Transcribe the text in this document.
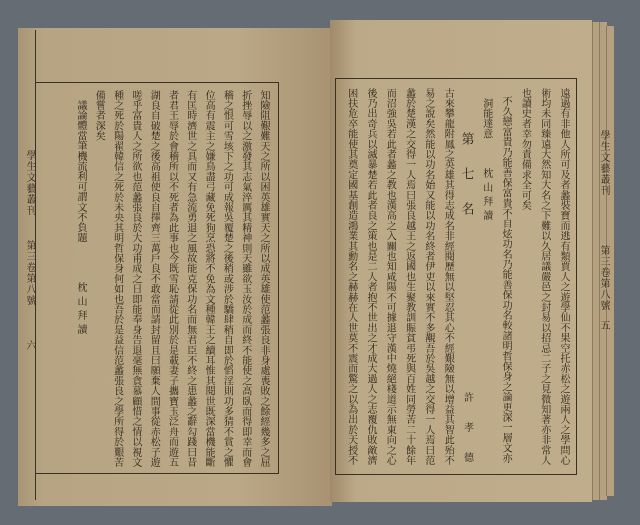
學生文藝叢刊
第三卷第八號
六
學生文藝叢刊
第三卷第八號
五
遠過有非他人所可及者蠡裝寶而逃有類賈人之遊學仙不果空托赤松之遊兩人之學問心
術均未同臻遠大然知大名之下難以久居議嚴邑之封易以招忌二子之見微知著亦非常人
也讀史者幸勿責備求全可矣
不久戀富貴乃能善保富貴不自炫功名乃能善保功名較諸明哲保身之論更深一層文亦
洞能達意
枕山拜讀
第七名
許孝德
古來攀龍附鳳之英雄其得志成名非經閱歷無以堅忍其心不經艱險無以增益其智此殆不
易之說矣然能以功名始又能以功名終者伊吏以來實不多覯吾於吳越之交得一人焉曰范
蠡於楚漢之交得一人焉曰張良越王之返國也生聚教訓賑貧弔死與百姓同勞苦二十餘年
而沼強吳若此者蠡之教也漢高之入關也知咸陽不可據退守漢中燒絕棧道示無東向之心
後乃出奇兵以滅暴楚若此者良之策也是二人者抱不世出之才成大過人之志覆仇敗敵濟
困扶危卒能使其奠定國基創造鴻業其勳名之赫赫在人世莫不震而驚之以為出於天授不
知險阻艱難天之所以困英雄實天之所以成英雄使范蠡張良非身處喪敗之餘經幾多之屈
折挫辱以之激發其志氣淬厲其精神則天雖欲玉汝於成而終不能使之高臥而得即幸而會
稽之恨可雪垓下之功可成報吳覆楚之後稍或涉於驕肆稍自即於慆淫則功多猜不賞之懼
位高有震主之嫌鳥盡弓藏免死狗烹恐將不免為文種韓王之續耳惟其閱世既深當機能斷
有匡時濟世之具而又有急流勇退之風故能克保功名而無君臣不終之患蠡之辭勾踐曰昔
者君王辱於會稽所以不死者為此事也今既雪恥請從此別於是載妻子攜寶玉泛舟而遊五
湖良自破楚之後高祖使良自擇齊三萬戶良不敢當而請封留且曰願棄人間事從赤松子遊
嗟乎富貴人之所欲也范蠡張良於大功甫成之日即能奉身告退毫無貪慕顧惜之情以視文
種之死於陽翟韓信之死於未央其明哲保身何如也吾於是益信范蠡張良之學所得於艱苦
備嘗者深矣
議論體當筆機流利可謂文不負題
枕山拜讀
